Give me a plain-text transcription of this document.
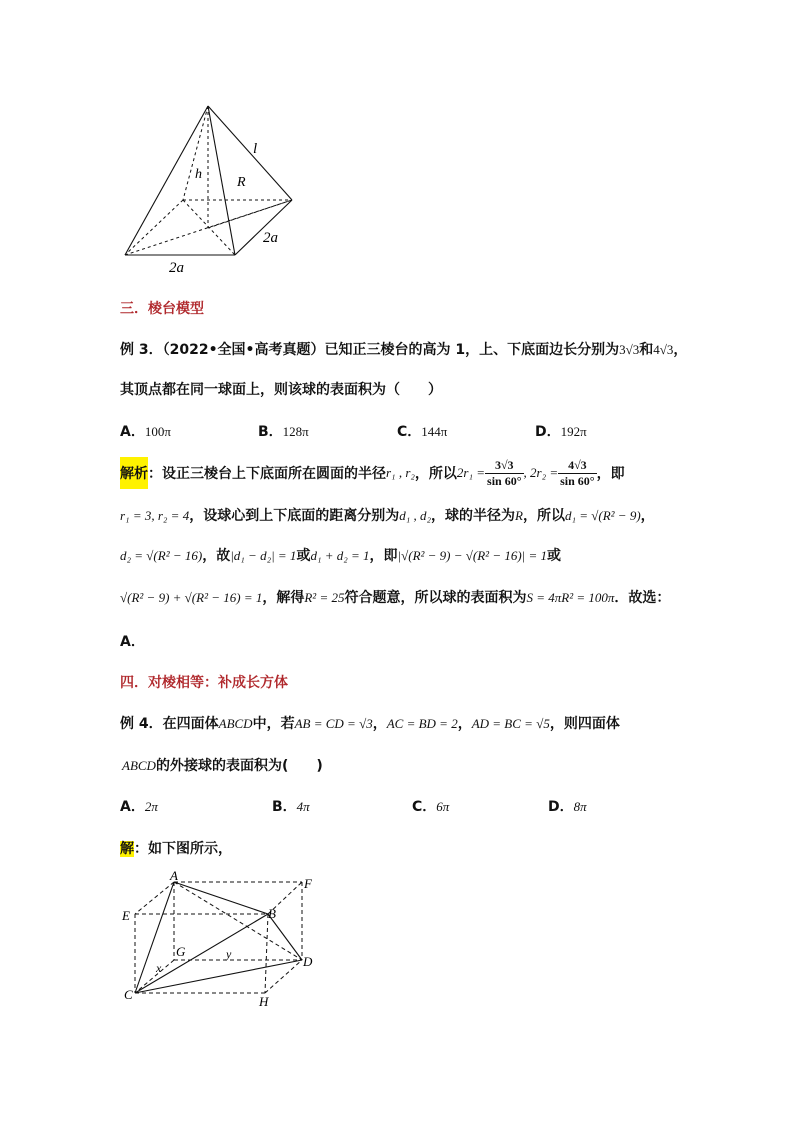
l
h
R
2a
2a
三．棱台模型
例 3．（2022•全国•高考真题）已知正三棱台的高为 1，上、下底面边长分别为3√3和4√3，
其顶点都在同一球面上，则该球的表面积为（　　）
A．100π	B．128π	C．144π	D．192π
解析 ：设正三棱台上下底面所在圆面的半径 r₁ , r₂ ，所以 $2r_1 = \frac{3√3}{\sin 60^\circ}$ , $2r_2 = \frac{4√3}{\sin 60^\circ}$ ，即
r₁ = 3, r₂ = 4，设球心到上下底面的距离分别为d₁ , d₂，球的半径为R，所以d₁ = √(R² − 9)，
d₂ = √(R² − 16)，故|d₁ − d₂| = 1或d₁ + d₂ = 1，即|√(R² − 9) − √(R² − 16)| = 1或
√(R² − 9) + √(R² − 16) = 1，解得R² = 25符合题意，所以球的表面积为S = 4πR² = 100π．故选：
A．
四．对棱相等：补成长方体
例 4．在四面体ABCD中，若AB = CD = √3，AC = BD = 2，AD = BC = √5，则四面体
ABCD的外接球的表面积为(　　)
A．2π	B．4π	C．6π	D．8π
解：如下图所示，
A
F
E	B
G	y
x	D
C	H
